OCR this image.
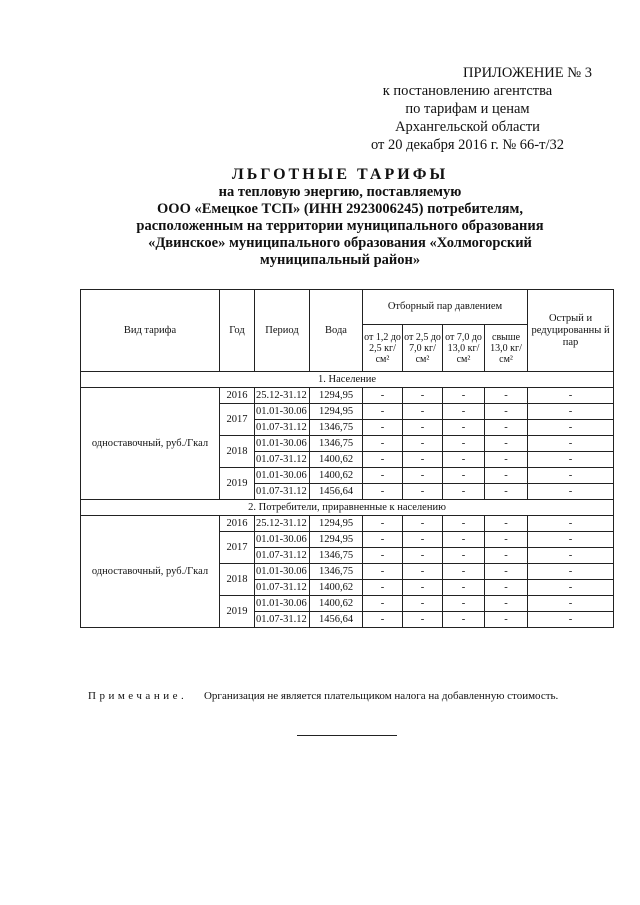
ПРИЛОЖЕНИЕ № 3
к постановлению агентства
по тарифам и ценам
Архангельской области
от 20 декабря 2016 г. № 66-т/32
ЛЬГОТНЫЕ ТАРИФЫ
на тепловую энергию, поставляемую
ООО «Емецкое ТСП» (ИНН 2923006245) потребителям,
расположенным на территории муниципального образования
«Двинское» муниципального образования «Холмогорский
муниципальный район»
Вид тарифа	Год	Период	Вода	Отборный пар давлением				Острый и редуцированны й пар
				от 1,2 до 2,5 кг/см²	от 2,5 до 7,0 кг/см²	от 7,0 до 13,0 кг/см²	свыше 13,0 кг/см²	
1. Население								
одноставочный, руб./Гкал	2016	25.12-31.12	1294,95	-	-	-	-	-
	2017	01.01-30.06	1294,95	-	-	-	-	-
		01.07-31.12	1346,75	-	-	-	-	-
	2018	01.01-30.06	1346,75	-	-	-	-	-
		01.07-31.12	1400,62	-	-	-	-	-
	2019	01.01-30.06	1400,62	-	-	-	-	-
		01.07-31.12	1456,64	-	-	-	-	-
2. Потребители, приравненные к населению								
одноставочный, руб./Гкал	2016	25.12-31.12	1294,95	-	-	-	-	-
	2017	01.01-30.06	1294,95	-	-	-	-	-
		01.07-31.12	1346,75	-	-	-	-	-
	2018	01.01-30.06	1346,75	-	-	-	-	-
		01.07-31.12	1400,62	-	-	-	-	-
	2019	01.01-30.06	1400,62	-	-	-	-	-
		01.07-31.12	1456,64	-	-	-	-	-
Примечание. Организация не является плательщиком налога на добавленную стоимость.
